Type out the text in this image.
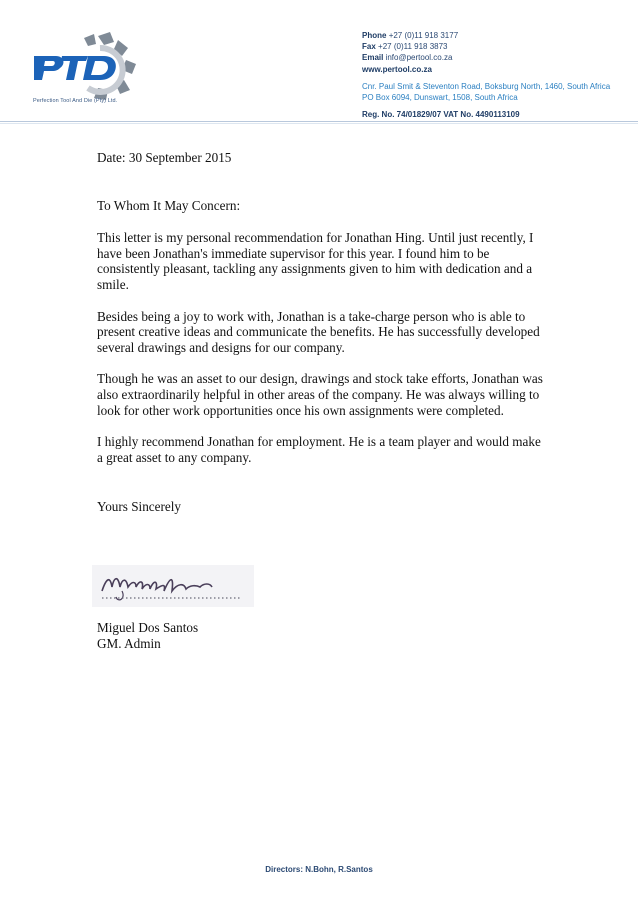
Perfection Tool And Die (Pty) Ltd.
Phone +27 (0)11 918 3177
Fax +27 (0)11 918 3873
Email info@pertool.co.za
www.pertool.co.za
Cnr. Paul Smit & Steventon Road, Boksburg North, 1460, South Africa
PO Box 6094, Dunswart, 1508, South Africa
Reg. No. 74/01829/07 VAT No. 4490113109

Date: 30 September 2015

To Whom It May Concern:

This letter is my personal recommendation for Jonathan Hing. Until just recently, I have been Jonathan's immediate supervisor for this year. I found him to be consistently pleasant, tackling any assignments given to him with dedication and a smile.

Besides being a joy to work with, Jonathan is a take-charge person who is able to present creative ideas and communicate the benefits. He has successfully developed several drawings and designs for our company.

Though he was an asset to our design, drawings and stock take efforts, Jonathan was also extraordinarily helpful in other areas of the company. He was always willing to look for other work opportunities once his own assignments were completed.

I highly recommend Jonathan for employment. He is a team player and would make a great asset to any company.

Yours Sincerely

Miguel Dos Santos
GM. Admin
Directors: N.Bohn, R.Santos
